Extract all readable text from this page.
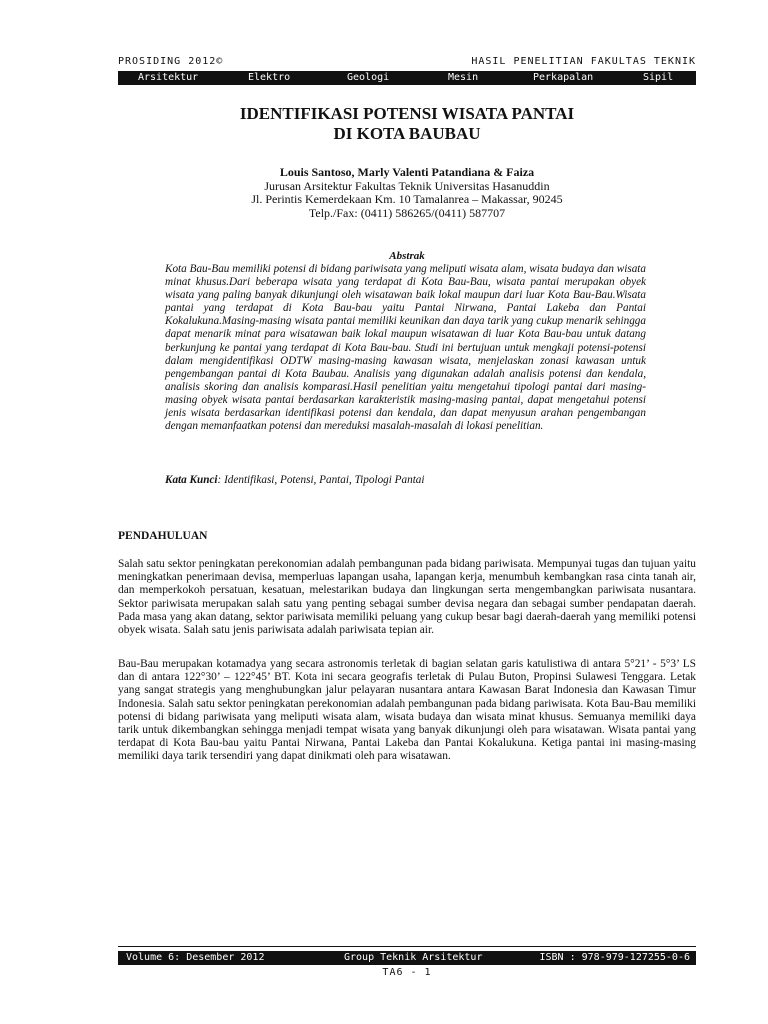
PROSIDING 2012©	HASIL PENELITIAN FAKULTAS TEKNIK
Arsitektur	Elektro	Geologi	Mesin	Perkapalan	Sipil
IDENTIFIKASI POTENSI WISATA PANTAI
DI KOTA BAUBAU
Louis Santoso, Marly Valenti Patandiana & Faiza
Jurusan Arsitektur Fakultas Teknik Universitas Hasanuddin
Jl. Perintis Kemerdekaan Km. 10 Tamalanrea – Makassar, 90245
Telp./Fax: (0411) 586265/(0411) 587707
Abstrak

Kota Bau-Bau memiliki potensi di bidang pariwisata yang meliputi wisata alam, wisata budaya dan wisata minat khusus.Dari beberapa wisata yang terdapat di Kota Bau-Bau, wisata pantai merupakan obyek wisata yang paling banyak dikunjungi oleh wisatawan baik lokal maupun dari luar Kota Bau-Bau.Wisata pantai yang terdapat di Kota Bau-bau yaitu Pantai Nirwana, Pantai Lakeba dan Pantai Kokalukuna.Masing-masing wisata pantai memiliki keunikan dan daya tarik yang cukup menarik sehingga dapat menarik minat para wisatawan baik lokal maupun wisatawan di luar Kota Bau-bau untuk datang berkunjung ke pantai yang terdapat di Kota Bau-bau. Studi ini bertujuan untuk mengkaji potensi-potensi dalam mengidentifikasi ODTW masing-masing kawasan wisata, menjelaskan zonasi kawasan untuk pengembangan pantai di Kota Baubau. Analisis yang digunakan adalah analisis potensi dan kendala, analisis skoring dan analisis komparasi.Hasil penelitian yaitu mengetahui tipologi pantai dari masing-masing obyek wisata pantai berdasarkan karakteristik masing-masing pantai, dapat mengetahui potensi jenis wisata berdasarkan identifikasi potensi dan kendala, dan dapat menyusun arahan pengembangan dengan memanfaatkan potensi dan mereduksi masalah-masalah di lokasi penelitian.

Kata Kunci: Identifikasi, Potensi, Pantai, Tipologi Pantai
PENDAHULUAN

Salah satu sektor peningkatan perekonomian adalah pembangunan pada bidang pariwisata. Mempunyai tugas dan tujuan yaitu meningkatkan penerimaan devisa, memperluas lapangan usaha, lapangan kerja, menumbuh kembangkan rasa cinta tanah air, dan memperkokoh persatuan, kesatuan, melestarikan budaya dan lingkungan serta mengembangkan pariwisata nusantara. Sektor pariwisata merupakan salah satu yang penting sebagai sumber devisa negara dan sebagai sumber pendapatan daerah. Pada masa yang akan datang, sektor pariwisata memiliki peluang yang cukup besar bagi daerah-daerah yang memiliki potensi obyek wisata. Salah satu jenis pariwisata adalah pariwisata tepian air.

Bau-Bau merupakan kotamadya yang secara astronomis terletak di bagian selatan garis katulistiwa di antara 5°21’ - 5°3’ LS dan di antara 122°30’ – 122°45’ BT. Kota ini secara geografis terletak di Pulau Buton, Propinsi Sulawesi Tenggara. Letak yang sangat strategis yang menghubungkan jalur pelayaran nusantara antara Kawasan Barat Indonesia dan Kawasan Timur Indonesia. Salah satu sektor peningkatan perekonomian adalah pembangunan pada bidang pariwisata. Kota Bau-Bau memiliki potensi di bidang pariwisata yang meliputi wisata alam, wisata budaya dan wisata minat khusus. Semuanya memiliki daya tarik untuk dikembangkan sehingga menjadi tempat wisata yang banyak dikunjungi oleh para wisatawan. Wisata pantai yang terdapat di Kota Bau-bau yaitu Pantai Nirwana, Pantai Lakeba dan Pantai Kokalukuna. Ketiga pantai ini masing-masing memiliki daya tarik tersendiri yang dapat dinikmati oleh para wisatawan.

Volume 6: Desember 2012	Group Teknik Arsitektur	ISBN : 978-979-127255-0-6
TA6 - 1
